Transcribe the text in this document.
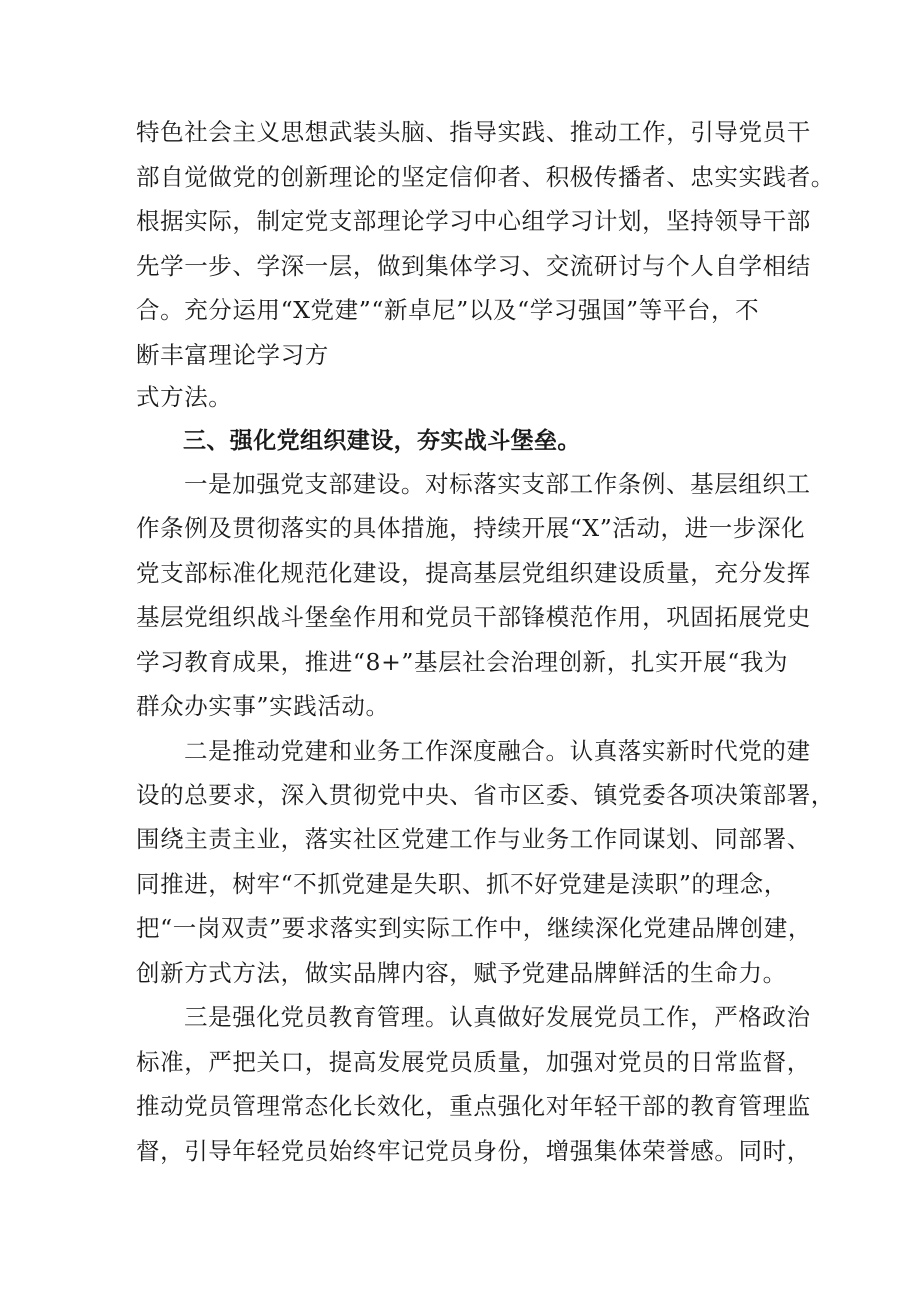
特色社会主义思想武装头脑、指导实践、推动工作，引导党员干
部自觉做党的创新理论的坚定信仰者、积极传播者、忠实实践者。
根据实际，制定党支部理论学习中心组学习计划，坚持领导干部
先学一步、学深一层，做到集体学习、交流研讨与个人自学相结
合。充分运用“X党建”“新卓尼”以及“学习强国”等平台，不
断丰富理论学习方
式方法。
三、强化党组织建设，夯实战斗堡垒。
一是加强党支部建设。对标落实支部工作条例、基层组织工
作条例及贯彻落实的具体措施，持续开展“X”活动，进一步深化
党支部标准化规范化建设，提高基层党组织建设质量，充分发挥
基层党组织战斗堡垒作用和党员干部锋模范作用，巩固拓展党史
学习教育成果，推进“8+”基层社会治理创新，扎实开展“我为
群众办实事”实践活动。
二是推动党建和业务工作深度融合。认真落实新时代党的建
设的总要求，深入贯彻党中央、省市区委、镇党委各项决策部署，
围绕主责主业，落实社区党建工作与业务工作同谋划、同部署、
同推进，树牢“不抓党建是失职、抓不好党建是渎职”的理念，
把“一岗双责”要求落实到实际工作中，继续深化党建品牌创建，
创新方式方法，做实品牌内容，赋予党建品牌鲜活的生命力。
三是强化党员教育管理。认真做好发展党员工作，严格政治
标准，严把关口，提高发展党员质量，加强对党员的日常监督，
推动党员管理常态化长效化，重点强化对年轻干部的教育管理监
督，引导年轻党员始终牢记党员身份，增强集体荣誉感。同时，
